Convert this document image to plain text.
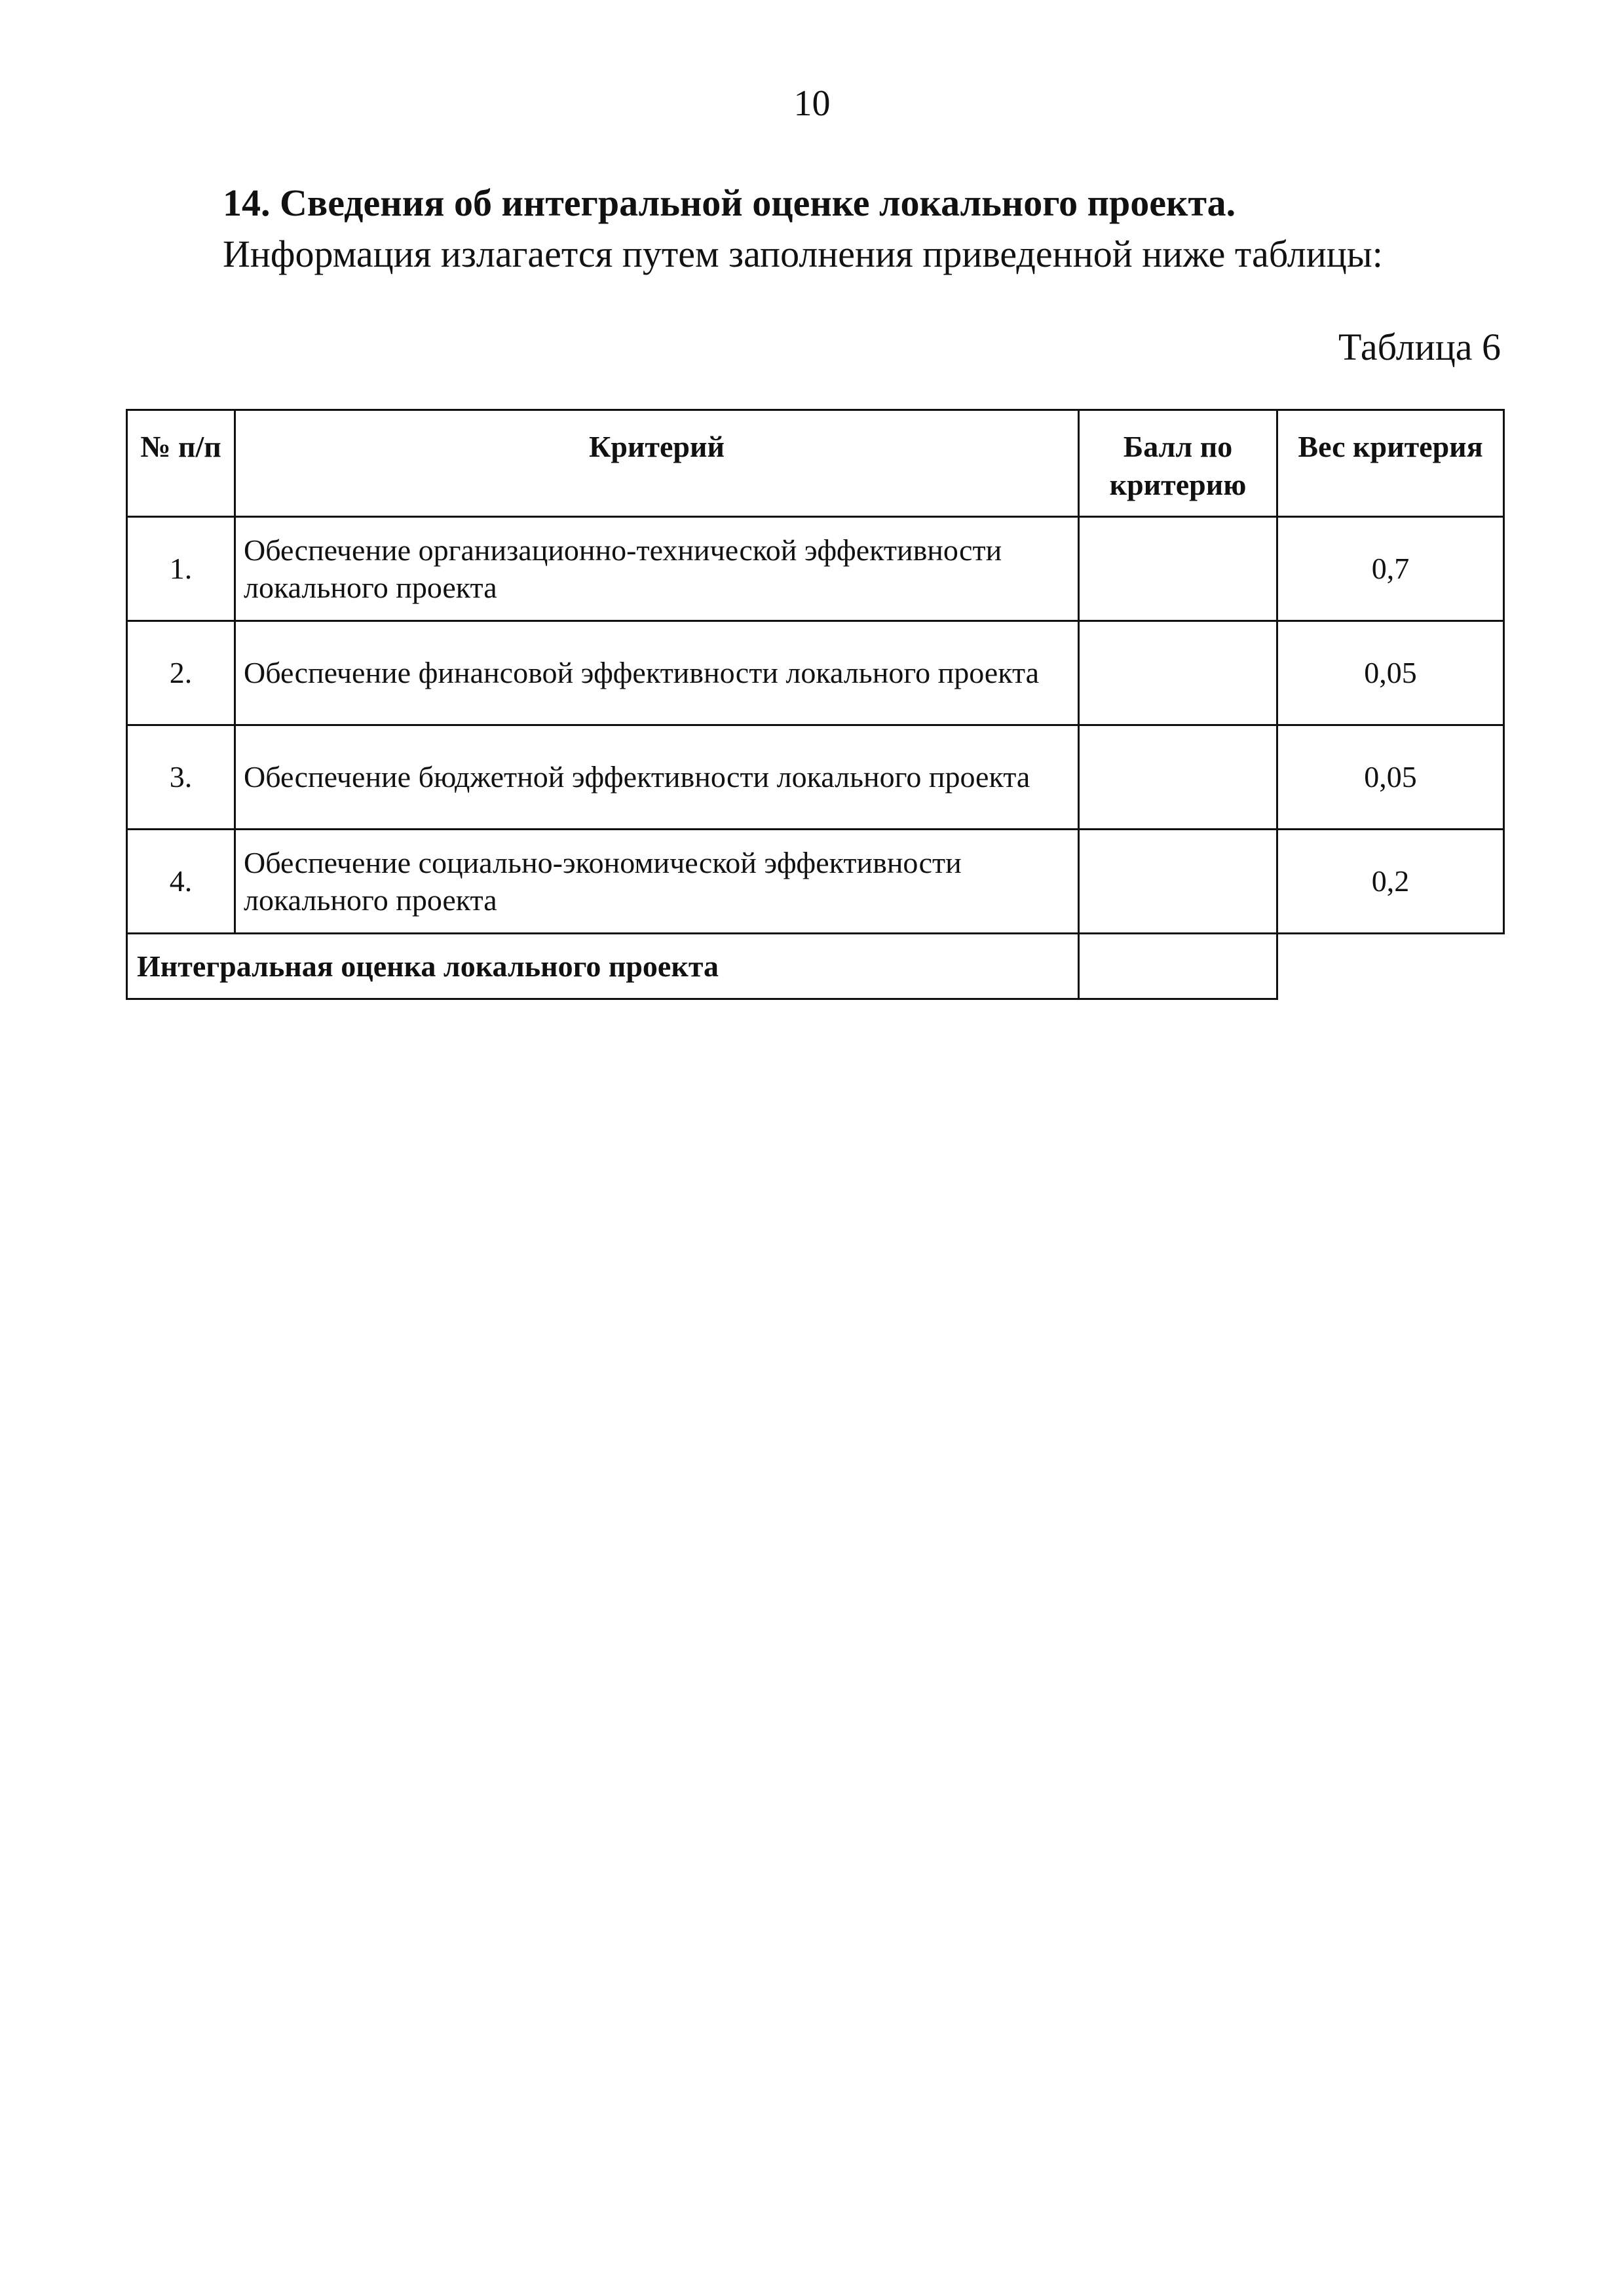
10
14. Сведения об интегральной оценке локального проекта.
Информация излагается путем заполнения приведенной ниже таблицы:
Таблица 6
№ п/п	Критерий	Балл по критерию	Вес критерия
1.	Обеспечение организационно-технической эффективности локального проекта		0,7
2.	Обеспечение финансовой эффективности локального проекта		0,05
3.	Обеспечение бюджетной эффективности локального проекта		0,05
4.	Обеспечение социально-экономической эффективности локального проекта		0,2
Интегральная оценка локального проекта			
